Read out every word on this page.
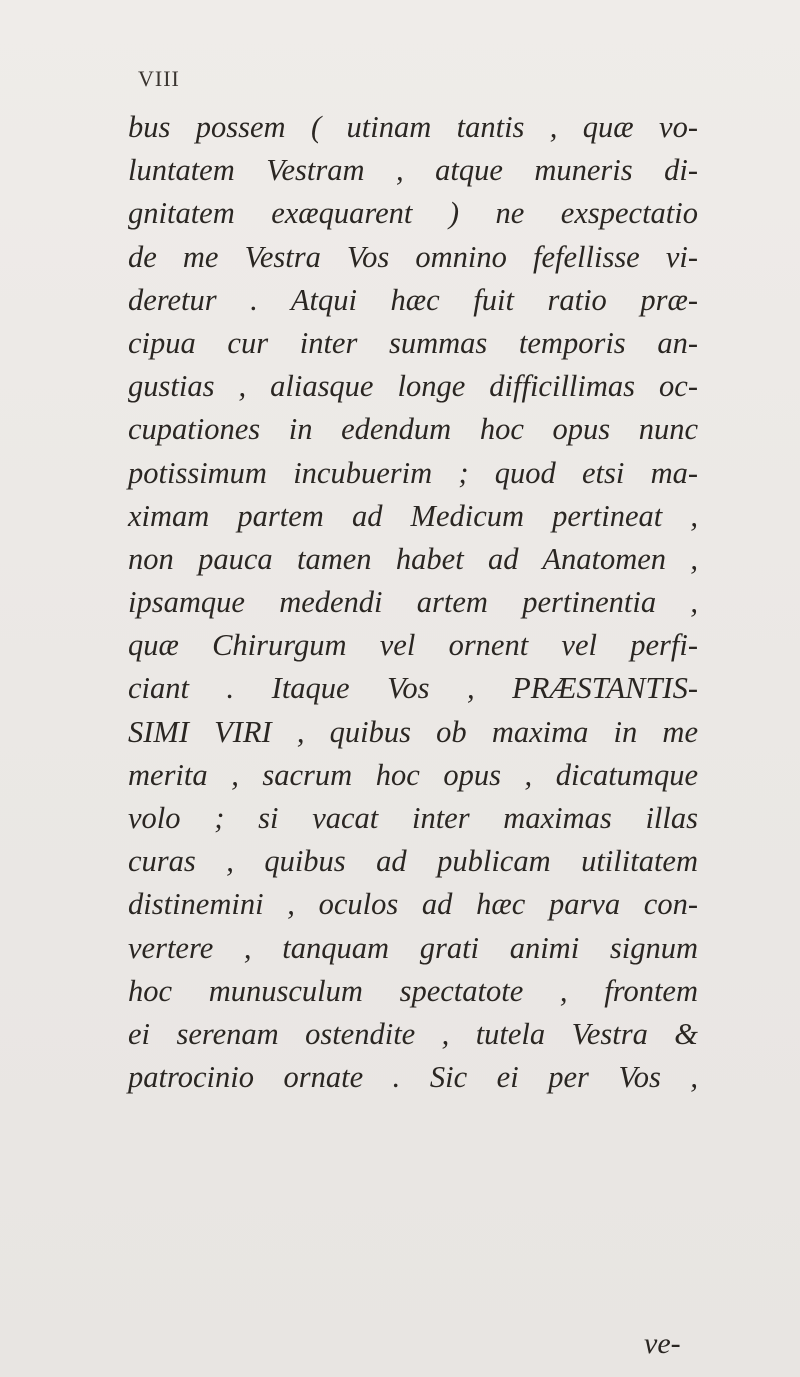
VIII
bus possem ( utinam tantis , quæ vo-
luntatem Vestram , atque muneris di-
gnitatem exæquarent ) ne exspectatio
de me Vestra Vos omnino fefellisse vi-
deretur . Atqui hæc fuit ratio præ-
cipua cur inter summas temporis an-
gustias , aliasque longe difficillimas oc-
cupationes in edendum hoc opus nunc
potissimum incubuerim ; quod etsi ma-
ximam partem ad Medicum pertineat ,
non pauca tamen habet ad Anatomen ,
ipsamque medendi artem pertinentia ,
quæ Chirurgum vel ornent vel perfi-
ciant . Itaque Vos , PRÆSTANTIS-
SIMI VIRI , quibus ob maxima in me
merita , sacrum hoc opus , dicatumque
volo ; si vacat inter maximas illas
curas , quibus ad publicam utilitatem
distinemini , oculos ad hæc parva con-
vertere , tanquam grati animi signum
hoc munusculum spectatote , frontem
ei serenam ostendite , tutela Vestra &
patrocinio ornate . Sic ei per Vos ,
ve-
